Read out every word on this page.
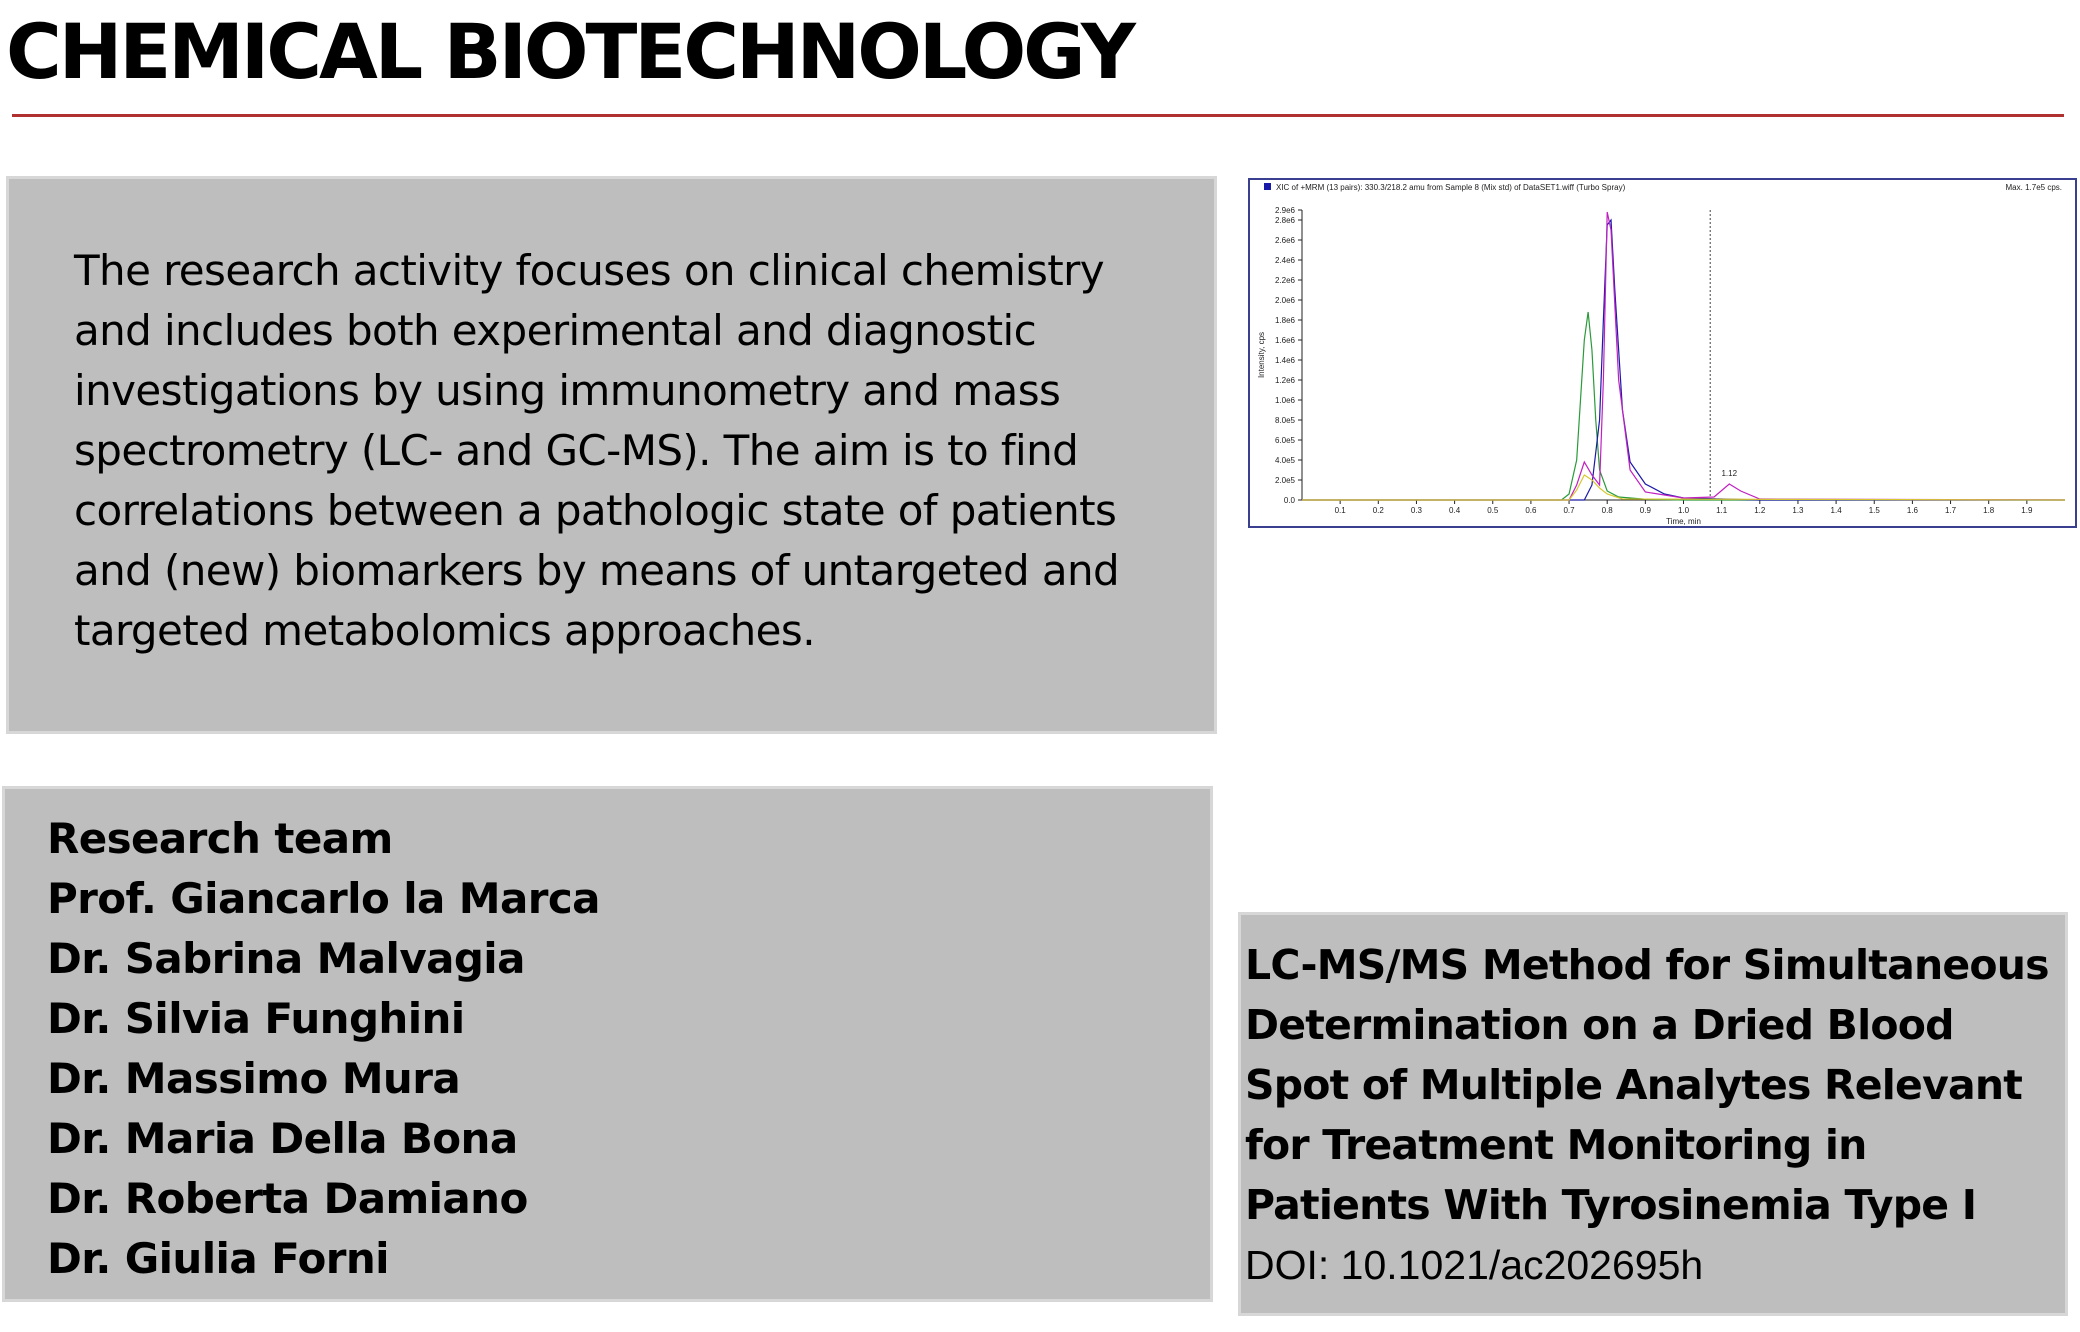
CHEMICAL BIOTECHNOLOGY

The research activity focuses on clinical chemistry and includes both experimental and diagnostic investigations by using immunometry and mass spectrometry (LC- and GC-MS). The aim is to find correlations between a pathologic state of patients and (new) biomarkers by means of untargeted and targeted metabolomics approaches.

Research team
Prof. Giancarlo la Marca
Dr. Sabrina Malvagia
Dr. Silvia Funghini
Dr. Massimo Mura
Dr. Maria Della Bona
Dr. Roberta Damiano
Dr. Giulia Forni

LC-MS/MS Method for Simultaneous Determination on a Dried Blood Spot of Multiple Analytes Relevant for Treatment Monitoring in Patients With Tyrosinemia Type I

DOI: 10.1021/ac202695h
XIC of +MRM (13 pairs): 330.3/218.2 amu from Sample 8 (Mix std) of DataSET1.wiff (Turbo Spray)	Max. 1.7e5 cps.
0.1	0.2	0.3	0.4	0.5	0.6	0.7	0.8	0.9	1.0	1.1	1.2	1.3	1.4	1.5	1.6	1.7	1.8	1.9
0.0
2.0e5
4.0e5
6.0e5
8.0e5
1.0e6
1.2e6
1.4e6
1.6e6
1.8e6
2.0e6
2.2e6
2.4e6
2.6e6
2.8e6
2.9e6
Time, min
Intensity, cps
1.12
